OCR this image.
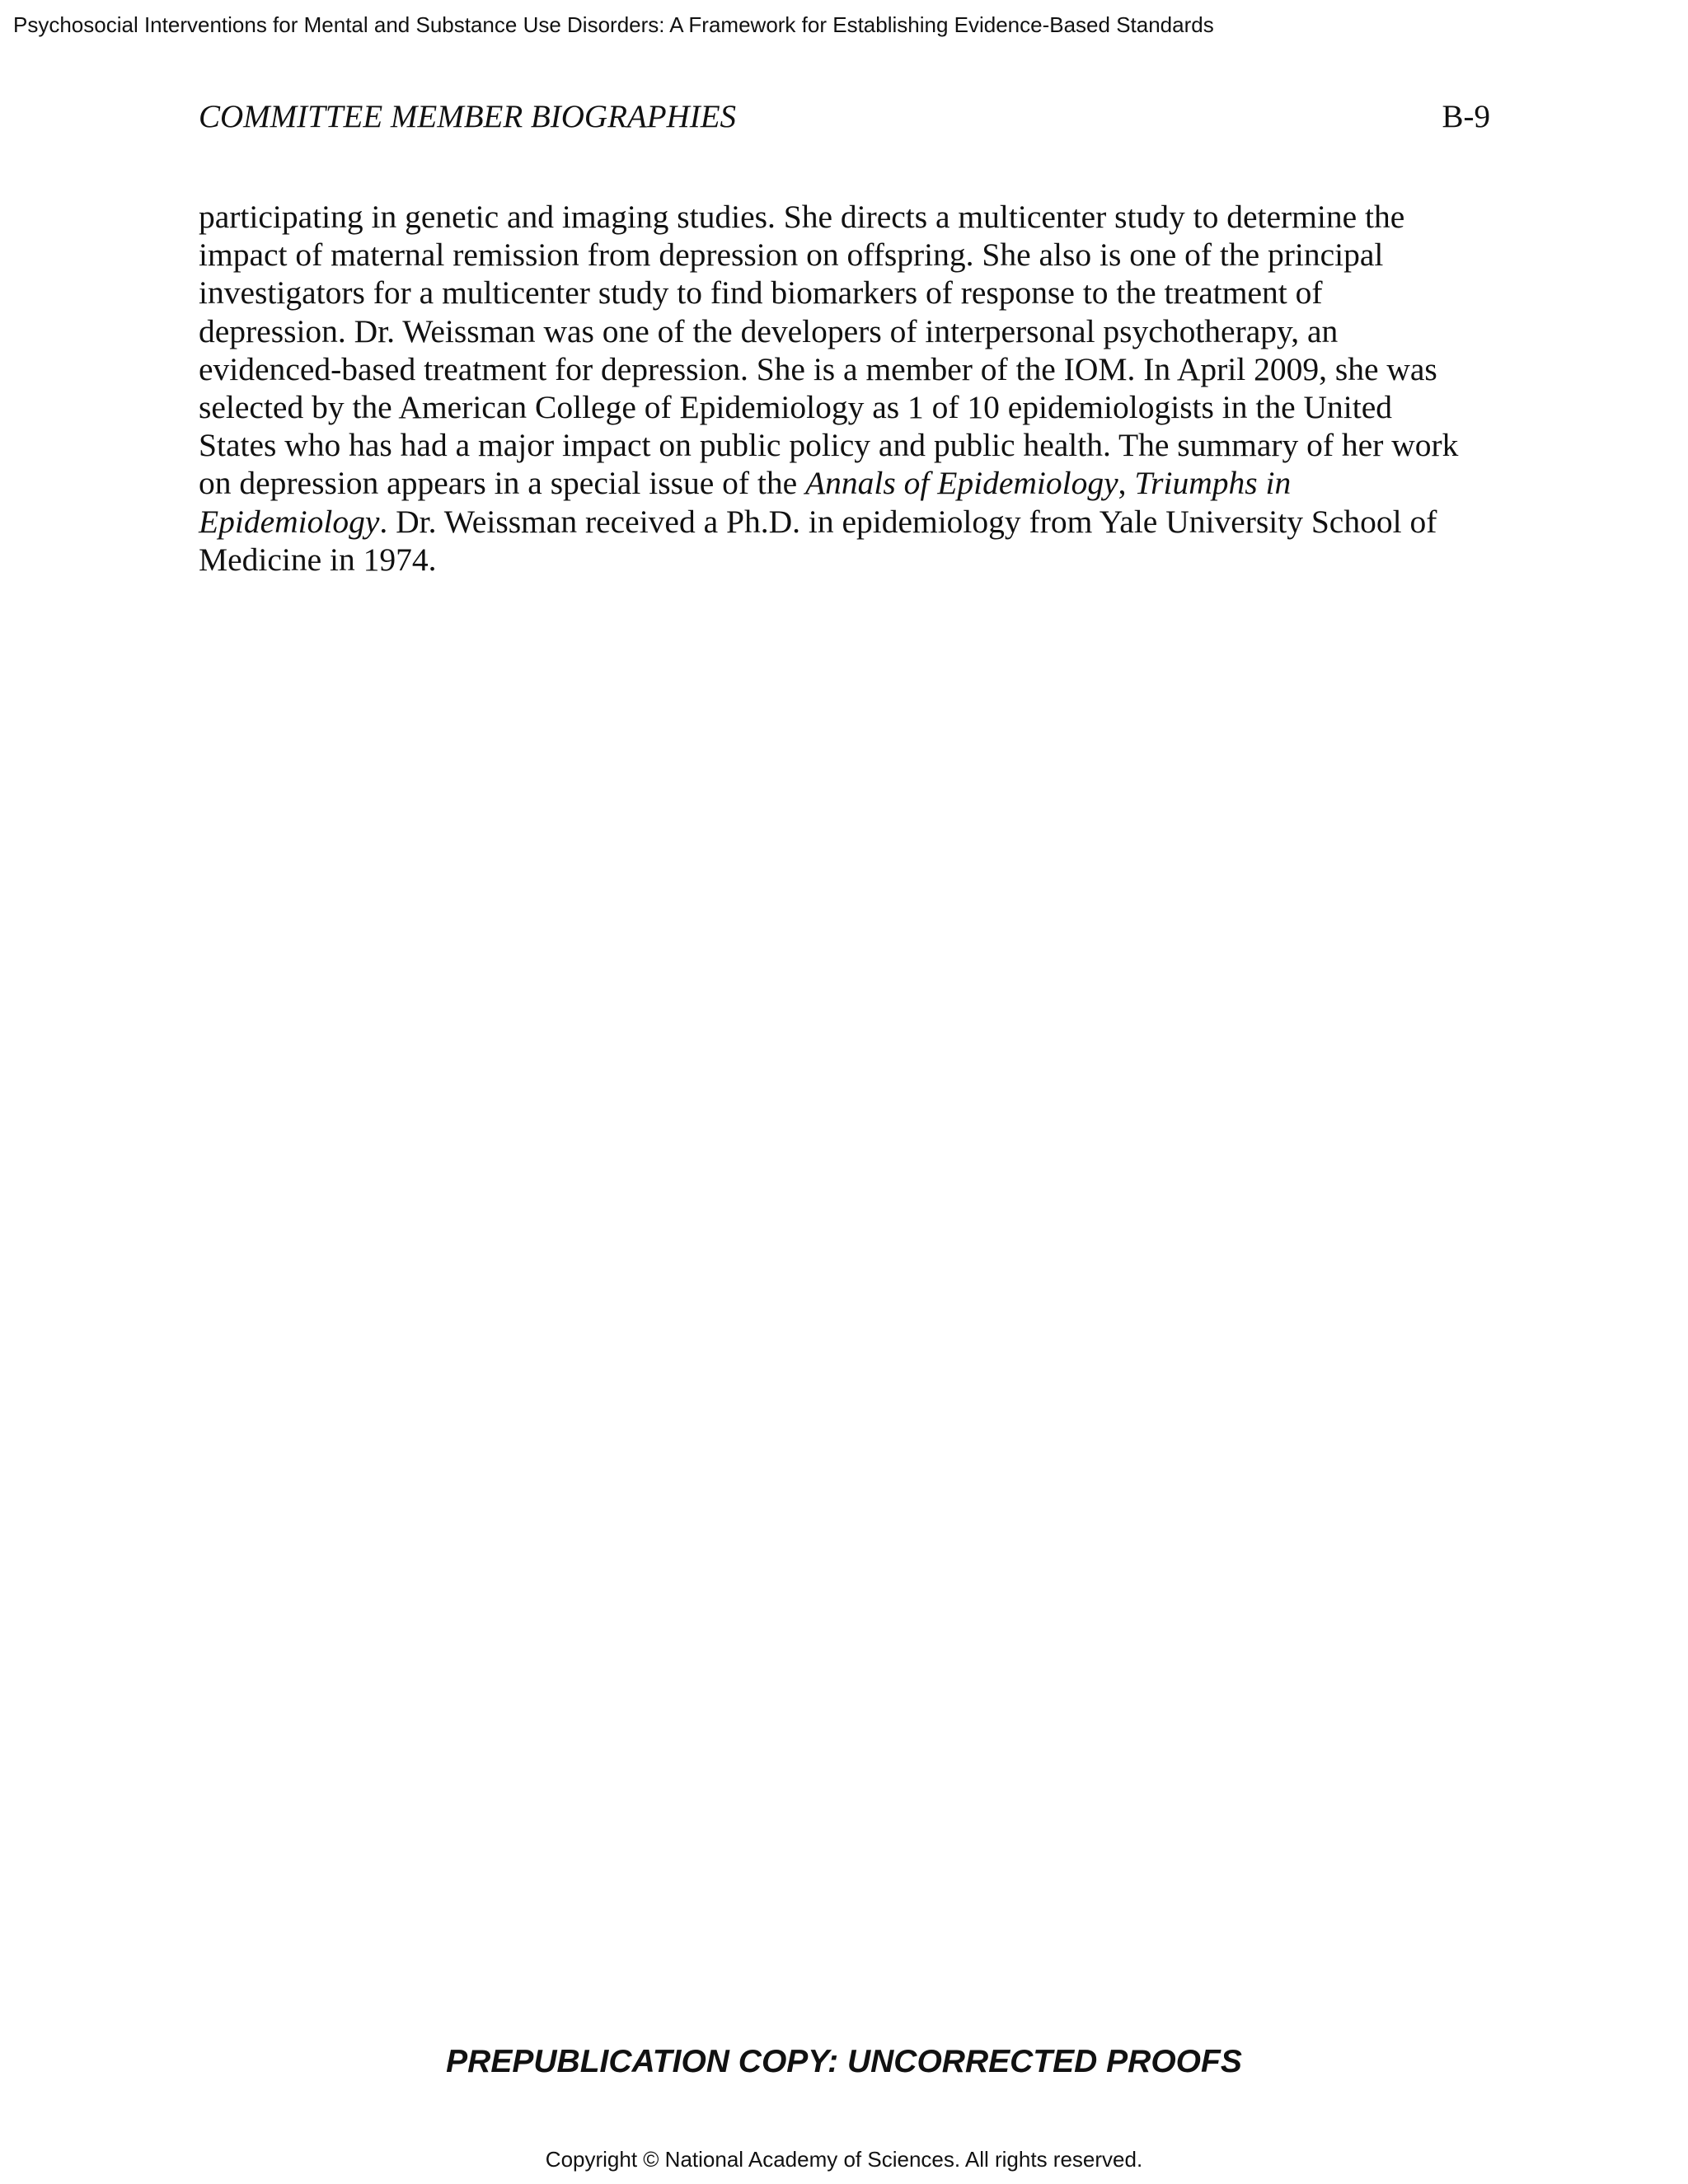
Psychosocial Interventions for Mental and Substance Use Disorders: A Framework for Establishing Evidence-Based Standards
COMMITTEE MEMBER BIOGRAPHIES	B-9

participating in genetic and imaging studies. She directs a multicenter study to determine the
impact of maternal remission from depression on offspring. She also is one of the principal
investigators for a multicenter study to find biomarkers of response to the treatment of
depression. Dr. Weissman was one of the developers of interpersonal psychotherapy, an
evidenced-based treatment for depression. She is a member of the IOM. In April 2009, she was
selected by the American College of Epidemiology as 1 of 10 epidemiologists in the United
States who has had a major impact on public policy and public health. The summary of her work
on depression appears in a special issue of the Annals of Epidemiology, Triumphs in
Epidemiology. Dr. Weissman received a Ph.D. in epidemiology from Yale University School of
Medicine in 1974.

PREPUBLICATION COPY: UNCORRECTED PROOFS
Copyright © National Academy of Sciences. All rights reserved.
